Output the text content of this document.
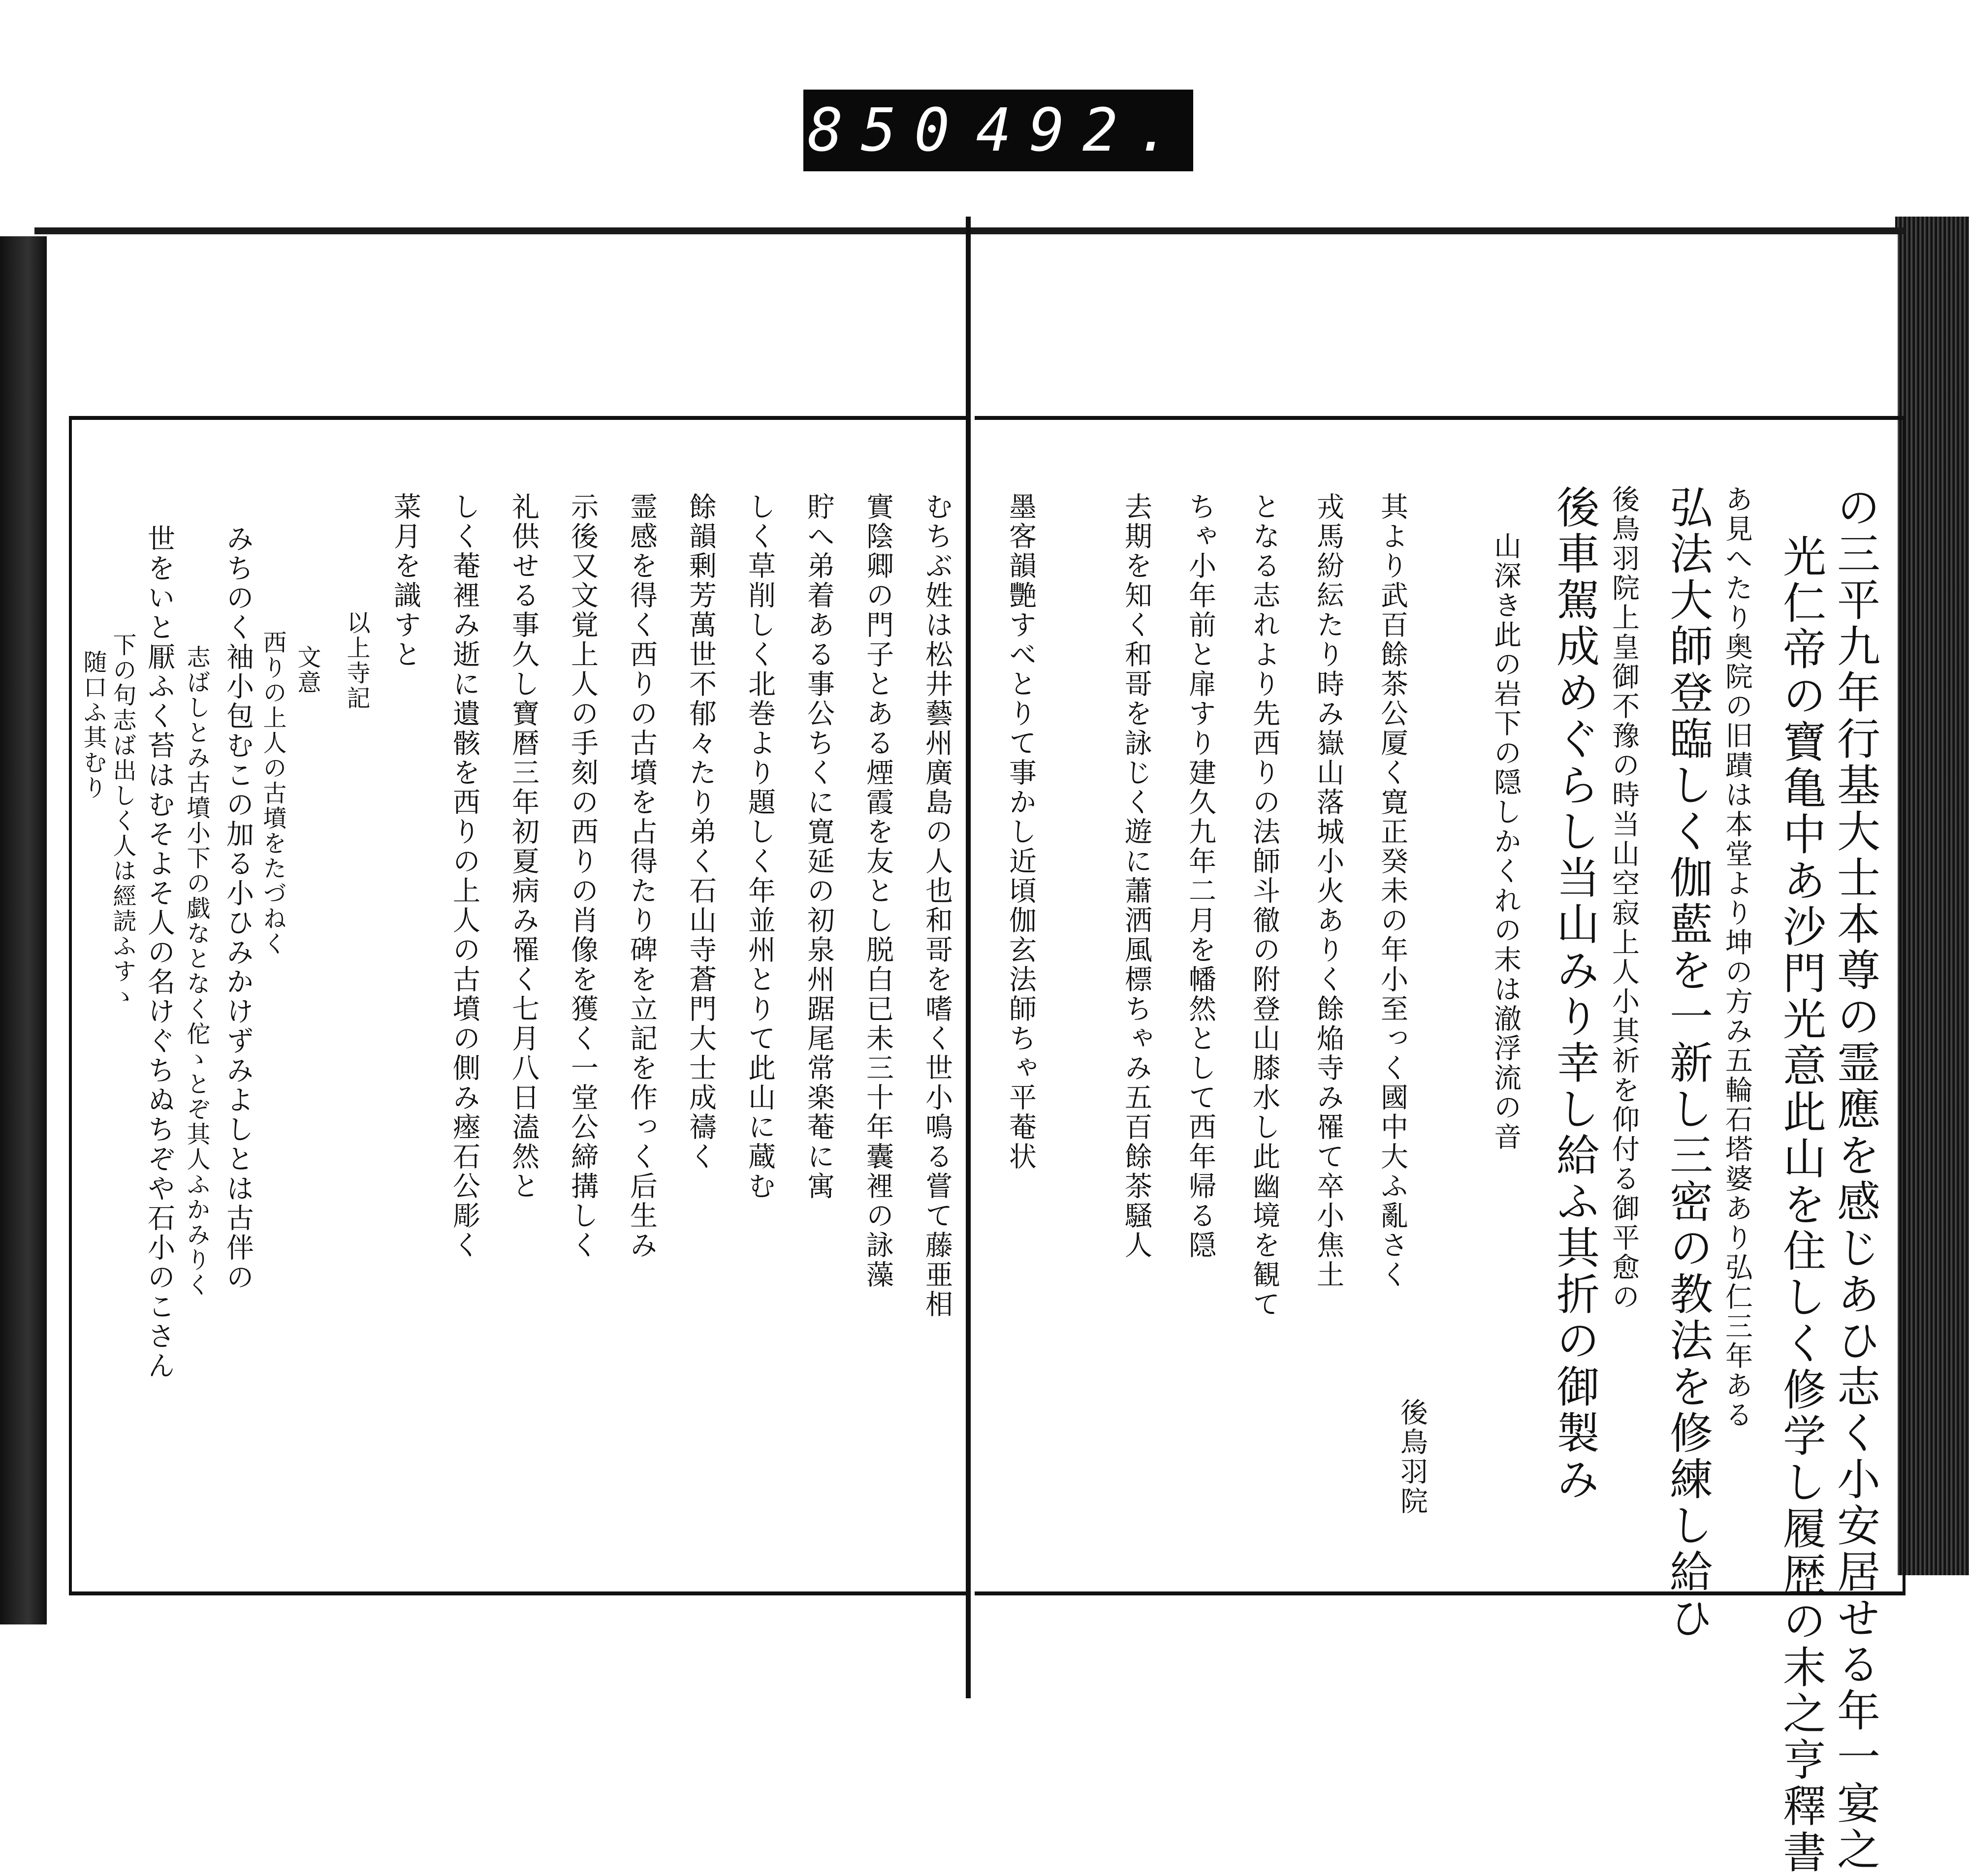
850 492.
の三平九年行基大士本尊の霊應を感じあひ志く小安居せる年一宴之
光仁帝の寶亀中あ沙門光意此山を住しく修学し履歴の末之亨釋書
あ見へたり奥院の旧蹟は本堂より坤の方み五輪石塔婆あり弘仁三年ある
弘法大師登臨しく伽藍を一新し三密の教法を修練し給ひ
後鳥羽院上皇御不豫の時当山空寂上人小其祈を仰付る御平愈の
後車駕成めぐらし当山みり幸し給ふ其折の御製み
山深き此の岩下の隠しかくれの末は澈浮流の音
後鳥羽院
其より武百餘茶公厦く寛正癸未の年小至っく國中大ふ亂さく
戎馬紛紜たり時み嶽山落城小火ありく餘焔寺み罹て卒小焦土
となる志れより先西りの法師斗徹の附登山膝水し此幽境を観て
ちゃ小年前と扉すり建久九年二月を幡然として西年帰る隠
去期を知く和哥を詠じく遊に蕭洒風標ちゃみ五百餘茶騒人
墨客韻艷すべとりて事かし近頃伽玄法師ちゃ平菴状
むちぶ姓は松井藝州廣島の人也和哥を嗜く世小鳴る嘗て藤亜相
實陰卿の門子とある煙霞を友とし脱白已未三十年囊裡の詠藻
貯へ弟着ある事公ちくに寛延の初泉州踞尾常楽菴に寓
しく草削しく北巻より題しく年並州とりて此山に蔵む
餘韻剰芳萬世不郁々たり弟く石山寺蒼門大士成禱く
霊感を得く西りの古墳を占得たり碑を立記を作っく后生み
示後又文覚上人の手刻の西りの肖像を獲く一堂公締搆しく
礼供せる事久し寶暦三年初夏病み罹く七月八日溘然と
しく菴裡み逝に遺骸を西りの上人の古墳の側み瘞石公彫く
菜月を識すと
以上寺記
文意
西りの上人の古墳をたづねく
みちのく袖小包むこの加る小ひみかけずみよしとは古伴の
志ばしとみ古墳小下の戯なとなく佗ゝとぞ其人ふかみりく
世をいと厭ふく苔はむそよそ人の名けぐちぬちぞや石小のこさん
下の句志ば出しく人は經読ふすゝ
随口ふ其むり
